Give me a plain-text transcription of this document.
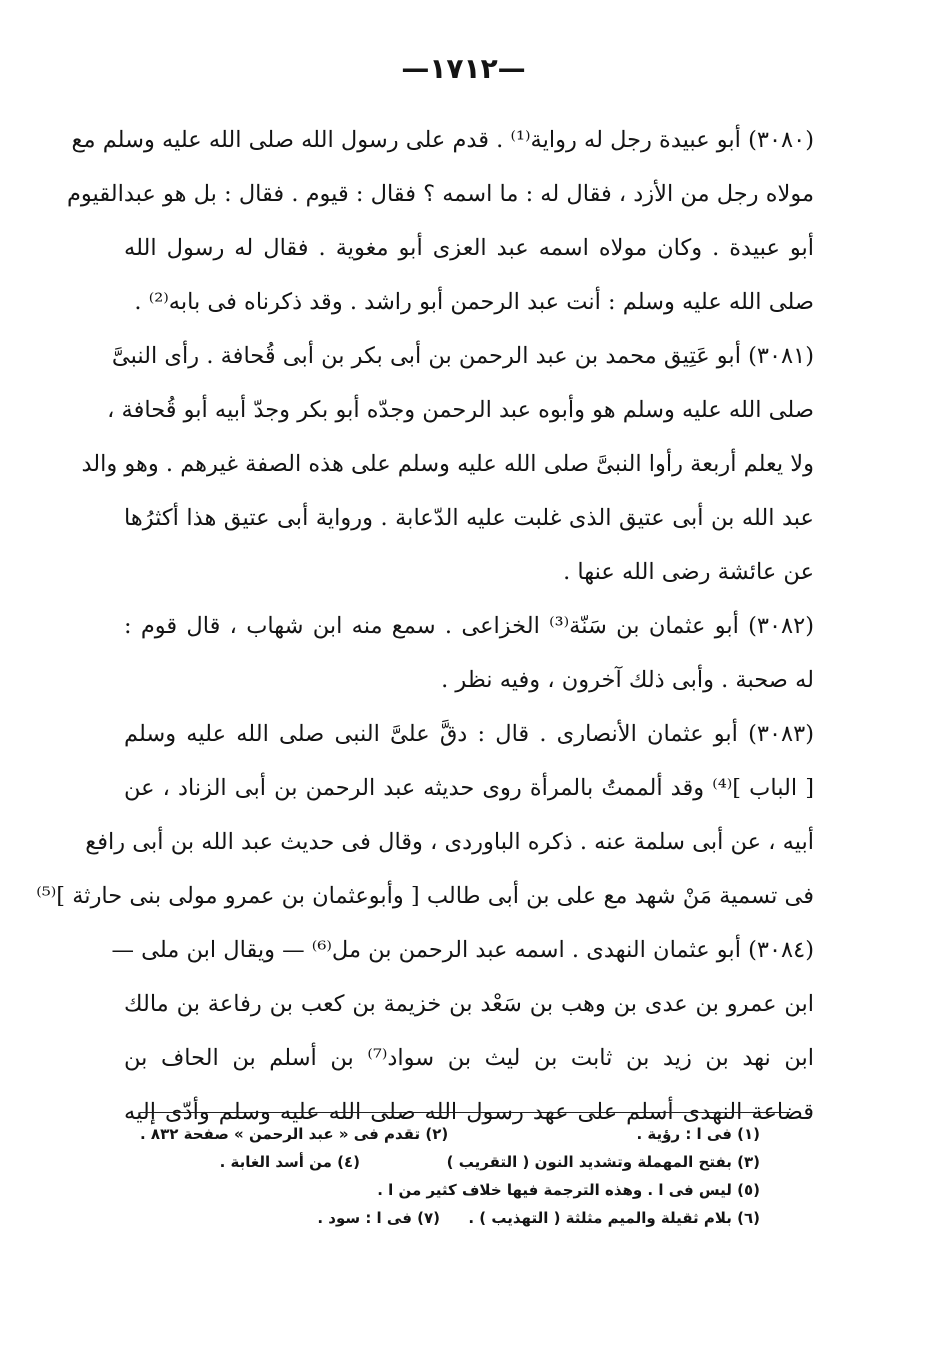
—١٧١٢—
(٣٠٨٠) أبو عبيدة رجل له رواية⁽¹⁾ . قدم على رسول الله صلى الله عليه وسلم مع
مولاه رجل من الأزد ، فقال له : ما اسمه ؟ فقال : قيوم . فقال : بل هو عبدالقيوم
أبو عبيدة . وكان مولاه اسمه عبد العزى أبو مغوية . فقال له رسول الله
صلى الله عليه وسلم : أنت عبد الرحمن أبو راشد . وقد ذكرناه فى بابه⁽²⁾ .
(٣٠٨١) أبو عَتِيق محمد بن عبد الرحمن بن أبى بكر بن أبى قُحافة . رأى النبىَّ
صلى الله عليه وسلم هو وأبوه عبد الرحمن وجدّه أبو بكر وجدّ أبيه أبو قُحافة ،
ولا يعلم أربعة رأوا النبىَّ صلى الله عليه وسلم على هذه الصفة غيرهم . وهو والد
عبد الله بن أبى عتيق الذى غلبت عليه الدّعابة . ورواية أبى عتيق هذا أكثرُها
عن عائشة رضى الله عنها .
(٣٠٨٢) أبو عثمان بن سَنّة⁽³⁾ الخزاعى . سمع منه ابن شهاب ، قال قوم :
له صحبة . وأبى ذلك آخرون ، وفيه نظر .
(٣٠٨٣) أبو عثمان الأنصارى . قال : دقَّ علىَّ النبى صلى الله عليه وسلم
[ الباب ]⁽⁴⁾ وقد ألممتُ بالمرأة روى حديثه عبد الرحمن بن أبى الزناد ، عن
أبيه ، عن أبى سلمة عنه . ذكره الباوردى ، وقال فى حديث عبد الله بن أبى رافع
فى تسمية مَنْ شهد مع على بن أبى طالب [ وأبوعثمان بن عمرو مولى بنى حارثة ]⁽⁵⁾
(٣٠٨٤) أبو عثمان النهدى . اسمه عبد الرحمن بن مل⁽⁶⁾ — ويقال ابن ملى —
ابن عمرو بن عدى بن وهب بن سَعْد بن خزيمة بن كعب بن رفاعة بن مالك
ابن نهد بن زيد بن ثابت بن ليث بن سواد⁽⁷⁾ بن أسلم بن الحاف بن
قضاعة النهدى أسلم على عهد رسول الله صلى الله عليه وسلم وأدّى إليه
(١) فى ا : رؤية .
(٢) تقدم فى « عبد الرحمن » صفحة ٨٣٢ .
(٣) بفتح المهملة وتشديد النون ( التقريب )
(٤) من أسد الغابة .
(٥) ليس فى ا . وهذه الترجمة فيها خلاف كثير من ا .
(٦) بلام ثقيلة والميم مثلثة ( التهذيب ) .
(٧) فى ا : سود .
